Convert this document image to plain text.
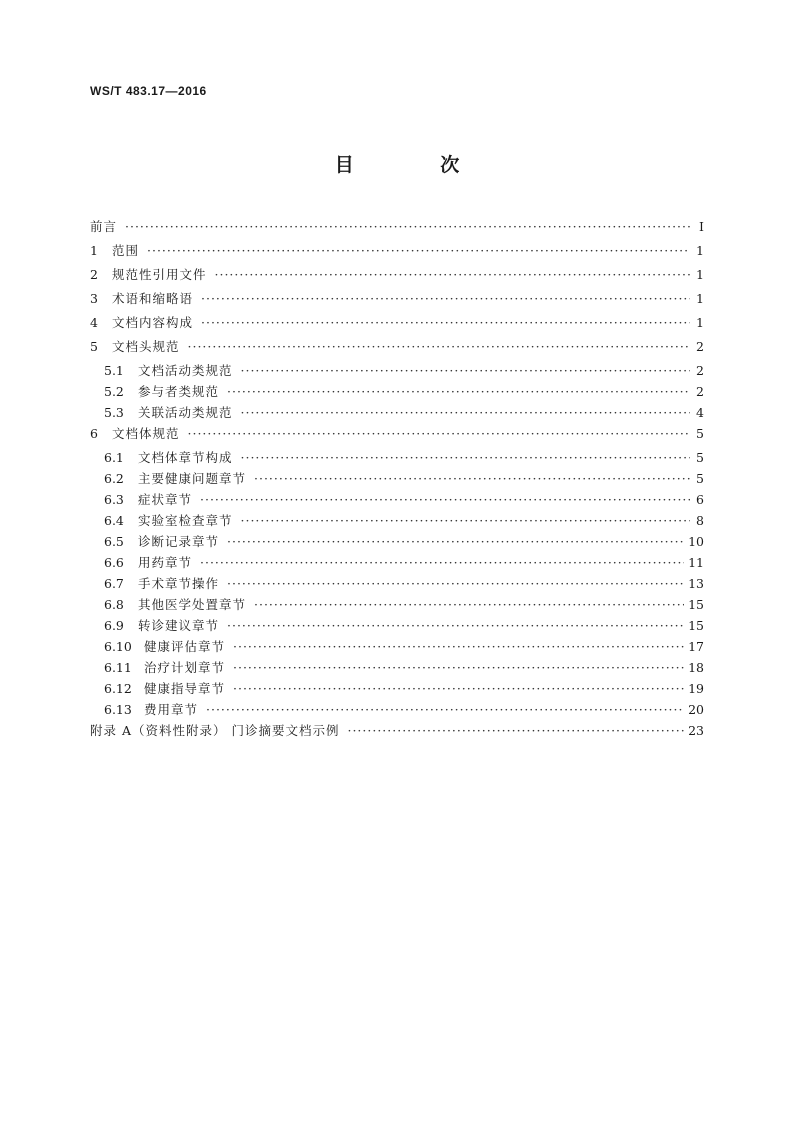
WS/T 483.17—2016
目 次
前言 ·····	Ⅰ
1	范围 ·····	1
2	规范性引用文件 ·····	1
3	术语和缩略语 ·····	1
4	文档内容构成 ·····	1
5	文档头规范 ·····	2
5.1	文档活动类规范 ·····	2
5.2	参与者类规范 ·····	2
5.3	关联活动类规范 ·····	4
6	文档体规范 ·····	5
6.1	文档体章节构成 ·····	5
6.2	主要健康问题章节 ·····	5
6.3	症状章节 ·····	6
6.4	实验室检查章节 ·····	8
6.5	诊断记录章节 ·····	10
6.6	用药章节 ·····	11
6.7	手术章节操作 ·····	13
6.8	其他医学处置章节 ·····	15
6.9	转诊建议章节 ·····	15
6.10 健康评估章节 ·····	17
6.11 治疗计划章节 ·····	18
6.12 健康指导章节 ·····	19
6.13 费用章节 ·····	20
附录 A（资料性附录） 门诊摘要文档示例 ·····	23
